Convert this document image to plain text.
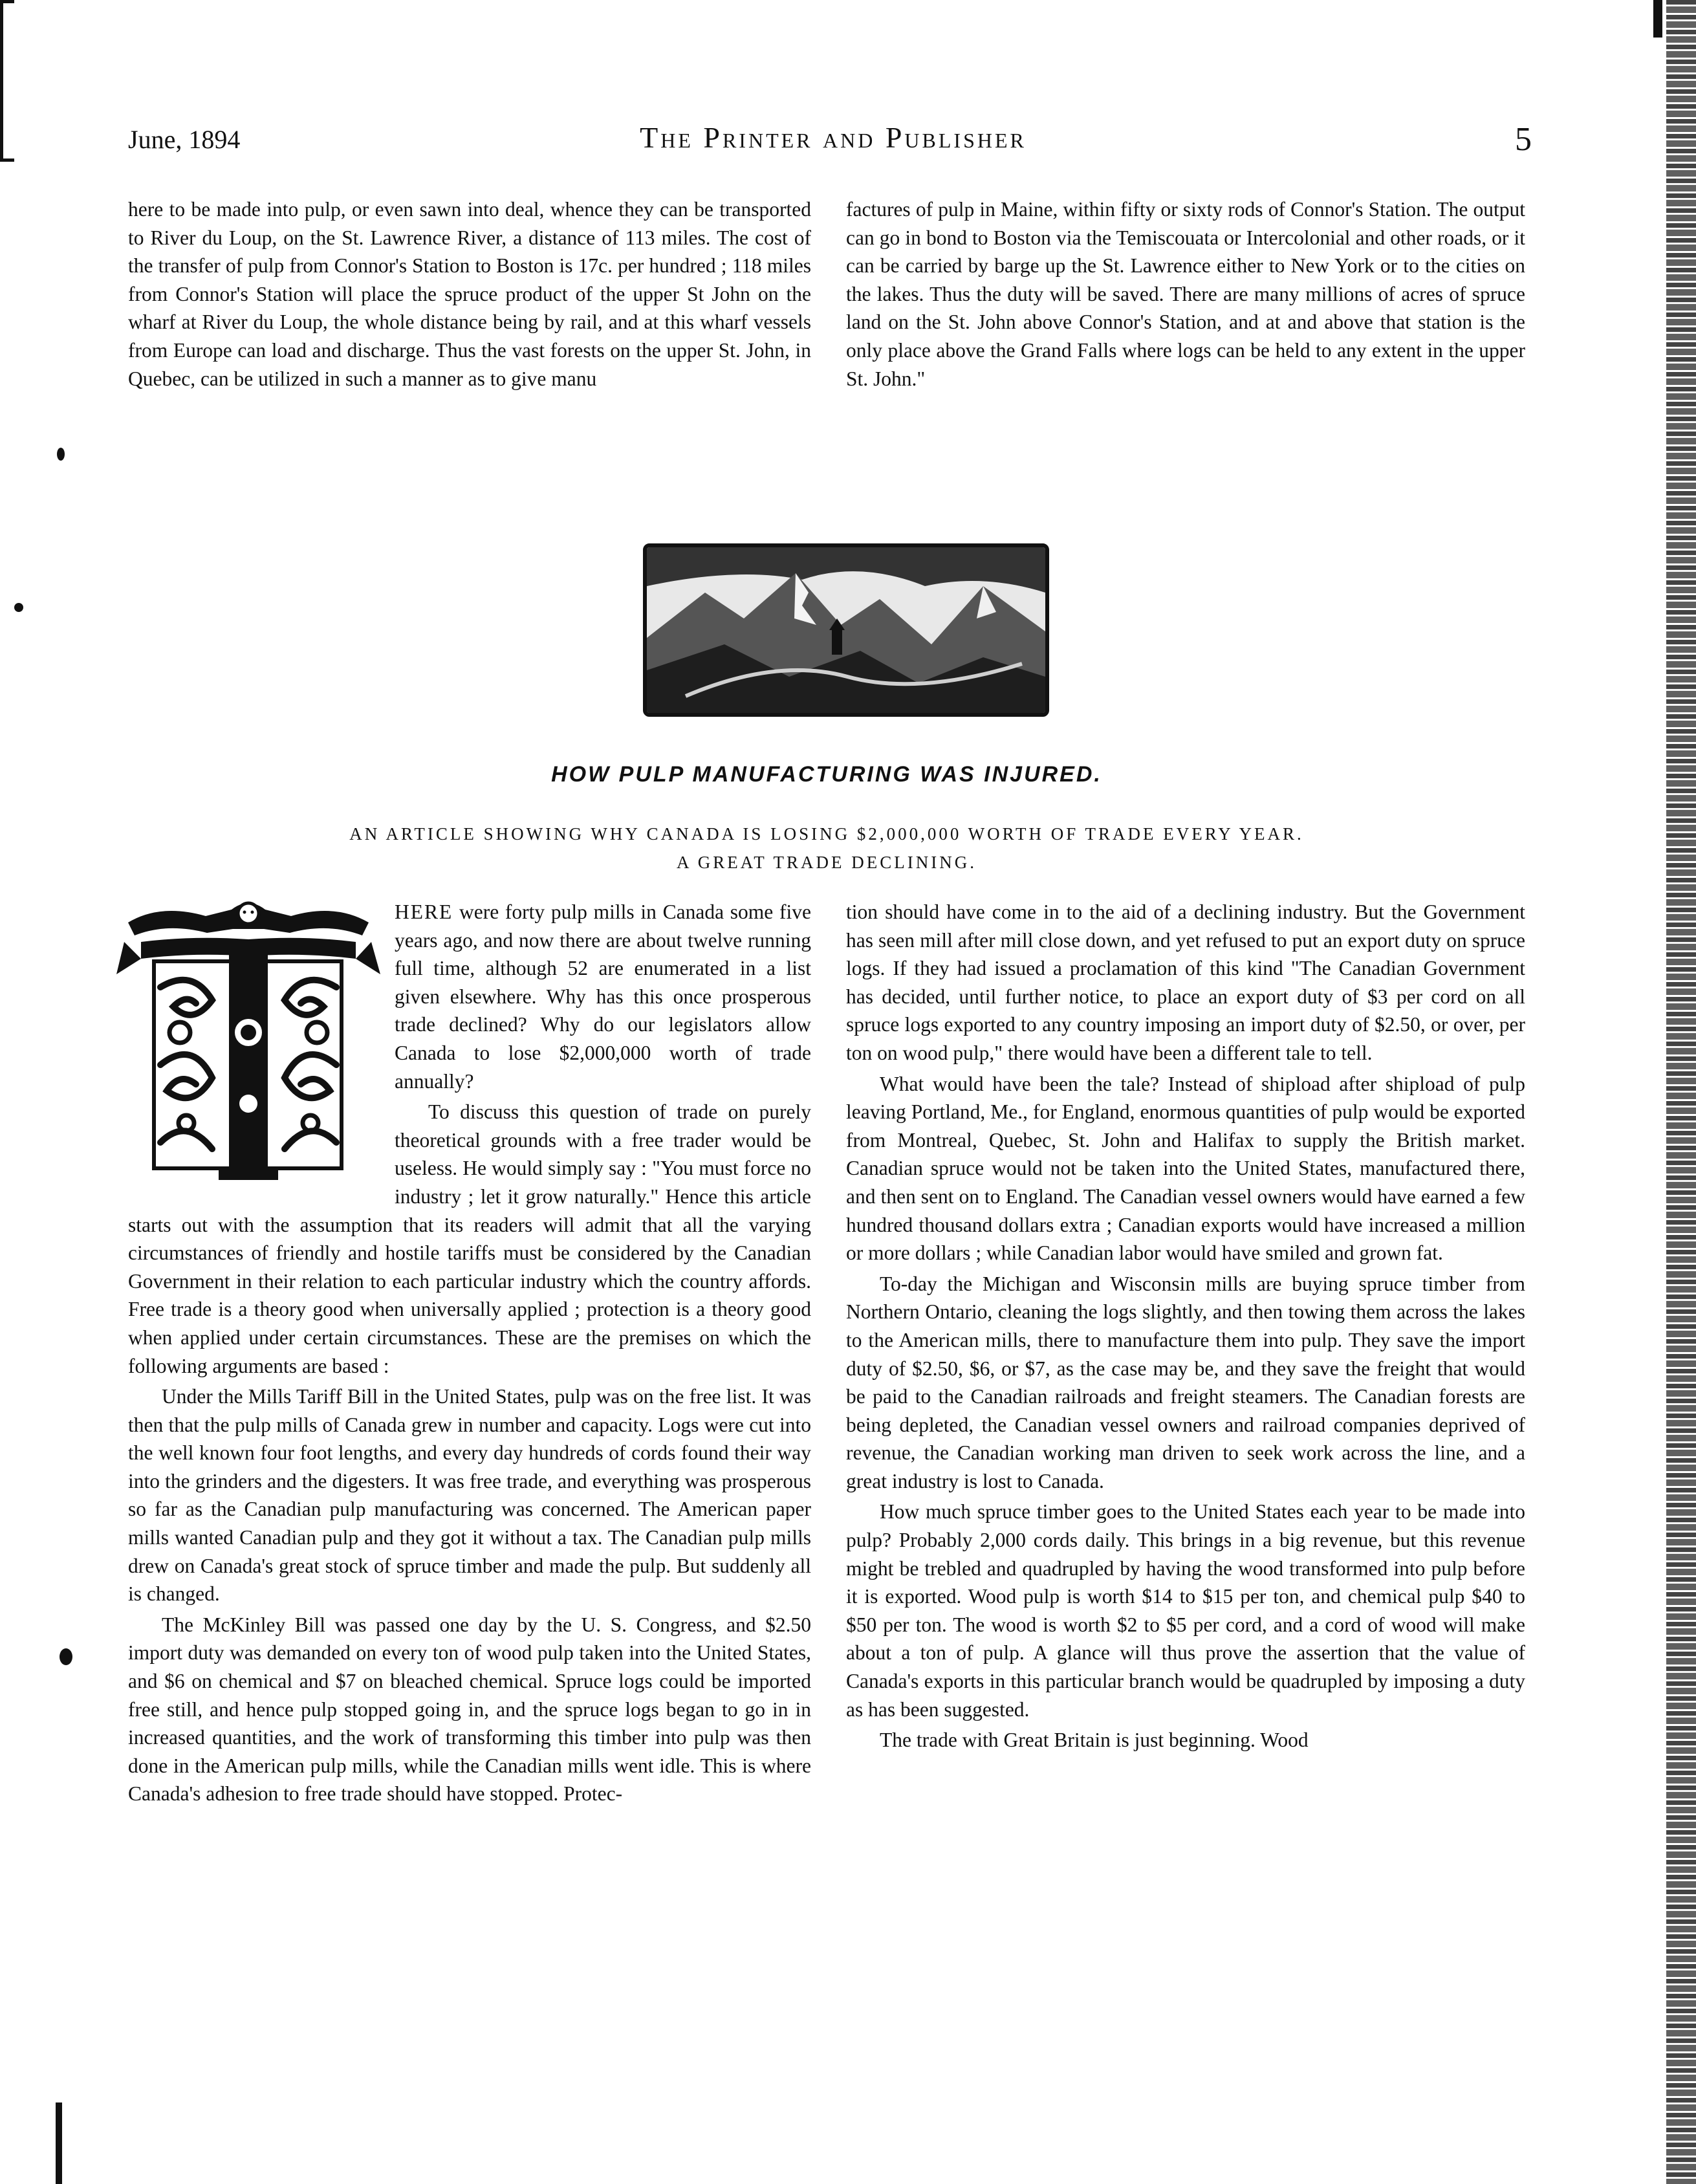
June, 1894	The Printer and Publisher	5

here to be made into pulp, or even sawn into deal, whence they can be transported to River du Loup, on the St. Lawrence River, a distance of 113 miles. The cost of the transfer of pulp from Connor's Station to Boston is 17c. per hundred ; 118 miles from Connor's Station will place the spruce product of the upper St John on the wharf at River du Loup, the whole distance being by rail, and at this wharf vessels from Europe can load and discharge. Thus the vast forests on the upper St. John, in Quebec, can be utilized in such a manner as to give manu

factures of pulp in Maine, within fifty or sixty rods of Connor's Station. The output can go in bond to Boston via the Temiscouata or Intercolonial and other roads, or it can be carried by barge up the St. Lawrence either to New York or to the cities on the lakes. Thus the duty will be saved. There are many millions of acres of spruce land on the St. John above Connor's Station, and at and above that station is the only place above the Grand Falls where logs can be held to any extent in the upper St. John."

HOW PULP MANUFACTURING WAS INJURED.
AN ARTICLE SHOWING WHY CANADA IS LOSING $2,000,000 WORTH OF TRADE EVERY YEAR.
A GREAT TRADE DECLINING.

HERE were forty pulp mills in Canada some five years ago, and now there are about twelve running full time, although 52 are enumerated in a list given elsewhere. Why has this once prosperous trade declined? Why do our legislators allow Canada to lose $2,000,000 worth of trade annually?

To discuss this question of trade on purely theoretical grounds with a free trader would be useless. He would simply say : "You must force no industry ; let it grow naturally." Hence this article starts out with the assumption that its readers will admit that all the varying circumstances of friendly and hostile tariffs must be considered by the Canadian Government in their relation to each particular industry which the country affords. Free trade is a theory good when universally applied ; protection is a theory good when applied under certain circumstances. These are the premises on which the following arguments are based :

Under the Mills Tariff Bill in the United States, pulp was on the free list. It was then that the pulp mills of Canada grew in number and capacity. Logs were cut into the well known four foot lengths, and every day hundreds of cords found their way into the grinders and the digesters. It was free trade, and everything was prosperous so far as the Canadian pulp manufacturing was concerned. The American paper mills wanted Canadian pulp and they got it without a tax. The Canadian pulp mills drew on Canada's great stock of spruce timber and made the pulp. But suddenly all is changed.

The McKinley Bill was passed one day by the U. S. Congress, and $2.50 import duty was demanded on every ton of wood pulp taken into the United States, and $6 on chemical and $7 on bleached chemical. Spruce logs could be imported free still, and hence pulp stopped going in, and the spruce logs began to go in in increased quantities, and the work of transforming this timber into pulp was then done in the American pulp mills, while the Canadian mills went idle. This is where Canada's adhesion to free trade should have stopped. Protec-

tion should have come in to the aid of a declining industry. But the Government has seen mill after mill close down, and yet refused to put an export duty on spruce logs. If they had issued a proclamation of this kind "The Canadian Government has decided, until further notice, to place an export duty of $3 per cord on all spruce logs exported to any country imposing an import duty of $2.50, or over, per ton on wood pulp," there would have been a different tale to tell.

What would have been the tale? Instead of shipload after shipload of pulp leaving Portland, Me., for England, enormous quantities of pulp would be exported from Montreal, Quebec, St. John and Halifax to supply the British market. Canadian spruce would not be taken into the United States, manufactured there, and then sent on to England. The Canadian vessel owners would have earned a few hundred thousand dollars extra ; Canadian exports would have increased a million or more dollars ; while Canadian labor would have smiled and grown fat.

To-day the Michigan and Wisconsin mills are buying spruce timber from Northern Ontario, cleaning the logs slightly, and then towing them across the lakes to the American mills, there to manufacture them into pulp. They save the import duty of $2.50, $6, or $7, as the case may be, and they save the freight that would be paid to the Canadian railroads and freight steamers. The Canadian forests are being depleted, the Canadian vessel owners and railroad companies deprived of revenue, the Canadian working man driven to seek work across the line, and a great industry is lost to Canada.

How much spruce timber goes to the United States each year to be made into pulp? Probably 2,000 cords daily. This brings in a big revenue, but this revenue might be trebled and quadrupled by having the wood transformed into pulp before it is exported. Wood pulp is worth $14 to $15 per ton, and chemical pulp $40 to $50 per ton. The wood is worth $2 to $5 per cord, and a cord of wood will make about a ton of pulp. A glance will thus prove the assertion that the value of Canada's exports in this particular branch would be quadrupled by imposing a duty as has been suggested.

The trade with Great Britain is just beginning. Wood
